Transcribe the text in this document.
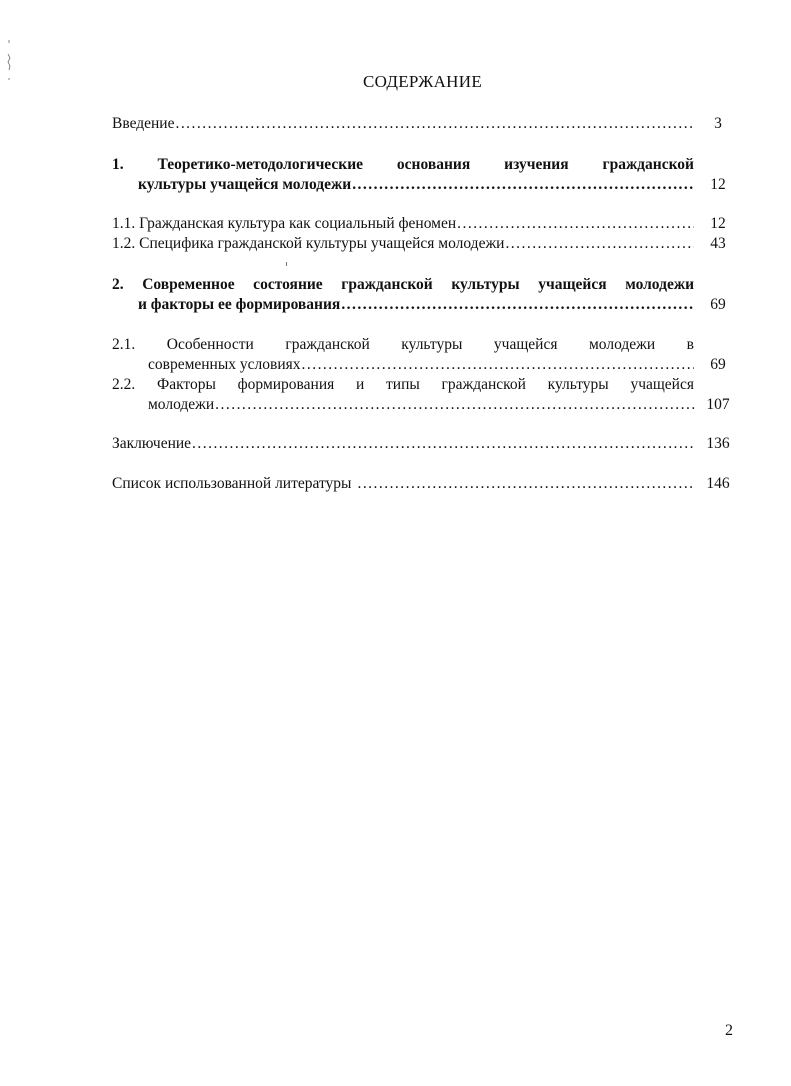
СОДЕРЖАНИЕ
Введение . . .	3
1. Теоретико-методологические основания изучения гражданской
культуры учащейся молодежи . . .	12
1.1. Гражданская культура как социальный феномен . . .	12
1.2. Специфика гражданской культуры учащейся молодежи . . .	43
2. Современное состояние гражданской культуры учащейся молодежи
и факторы ее формирования . . .	69
2.1. Особенности гражданской культуры учащейся молодежи в
современных условиях . . .	69
2.2. Факторы формирования и типы гражданской культуры учащейся
молодежи . . .	107
Заключение . . .	136
Список использованной литературы . . .	146
2
